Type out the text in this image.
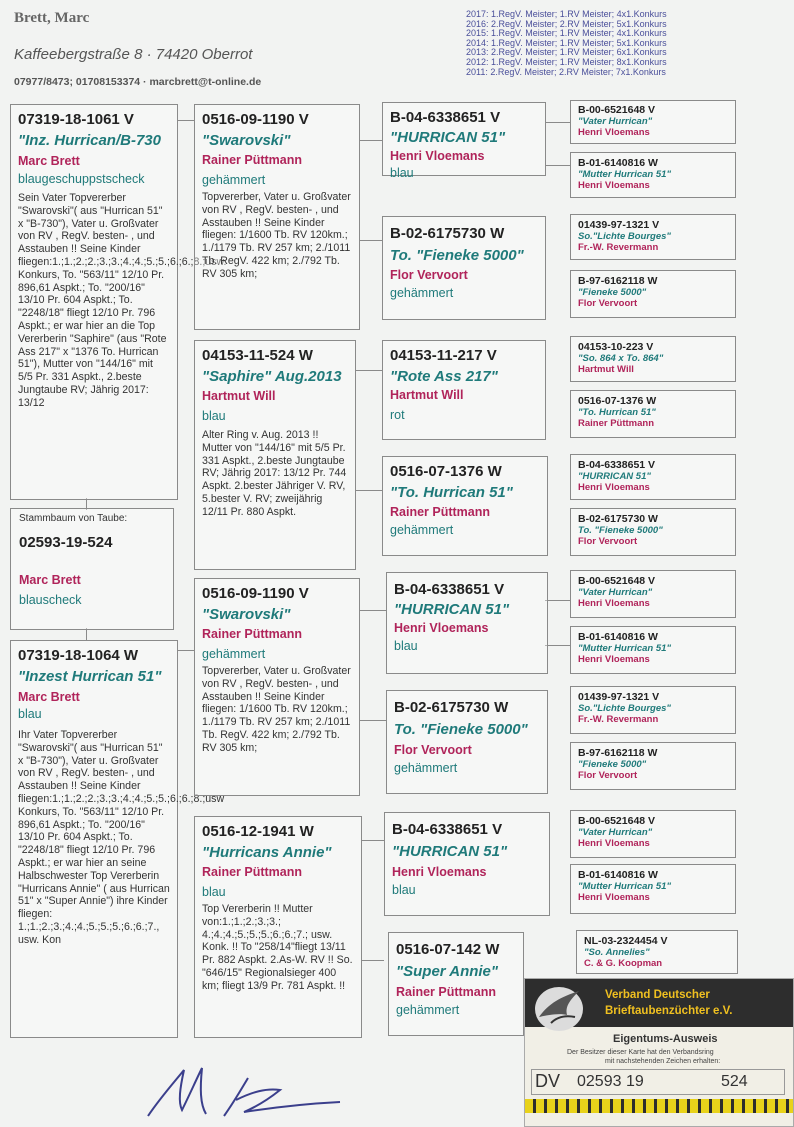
Brett, Marc
Kaffeebergstraße 8 · 74420 Oberrot
07977/8473; 01708153374 · marcbrett@t-online.de
2017: 1.RegV. Meister; 1.RV Meister; 4x1.Konkurs
2016: 2.RegV. Meister; 2.RV Meister; 5x1.Konkurs
2015: 1.RegV. Meister; 1.RV Meister; 4x1.Konkurs
2014: 1.RegV. Meister; 1.RV Meister; 5x1.Konkurs
2013: 2.RegV. Meister; 1.RV Meister; 6x1.Konkurs
2012: 1.RegV. Meister; 1.RV Meister; 8x1.Konkurs
2011: 2.RegV. Meister; 2.RV Meister; 7x1.Konkurs
07319-18-1061 V
"Inz. Hurrican/B-730
Marc Brett
blaugeschuppstscheck
Sein Vater Topvererber "Swarovski"( aus "Hurrican 51" x "B-730"), Vater u. Großvater von RV , RegV. besten- , und Asstauben !! Seine Kinder fliegen:1.;1.;2.;2.;3.;3.;4.;4.;5.;5.;6.;6.;8.;usw. Konkurs, To. "563/11" 12/10 Pr. 896,61 Aspkt.; To. "200/16" 13/10 Pr. 604 Aspkt.; To. "2248/18" fliegt 12/10 Pr. 796 Aspkt.; er war hier an die Top Vererberin "Saphire" (aus "Rote Ass 217" x "1376 To. Hurrican 51"), Mutter von "144/16" mit 5/5 Pr. 331 Aspkt., 2.beste Jungtaube RV; Jährig 2017: 13/12
Stammbaum von Taube:
02593-19-524
Marc Brett
blauscheck
07319-18-1064 W
"Inzest Hurrican 51"
Marc Brett
blau
Ihr Vater Topvererber "Swarovski"( aus "Hurrican 51" x "B-730"), Vater u. Großvater von RV , RegV. besten- , und Asstauben !! Seine Kinder fliegen:1.;1.;2.;2.;3.;3.;4.;4.;5.;5.;6.;6.;8.;usw Konkurs, To. "563/11" 12/10 Pr. 896,61 Aspkt.; To. "200/16" 13/10 Pr. 604 Aspkt.; To. "2248/18" fliegt 12/10 Pr. 796 Aspkt.; er war hier an seine Halbschwester Top Vererberin "Hurricans Annie" ( aus Hurrican 51" x "Super Annie") ihre Kinder fliegen: 1.;1.;2.;3.;4.;4.;5.;5.;5.;6.;6.;7., usw. Kon
0516-09-1190 V
"Swarovski"
Rainer Püttmann
gehämmert
Topvererber, Vater u. Großvater von RV , RegV. besten- , und Asstauben !! Seine Kinder fliegen: 1/1600 Tb. RV 120km.; 1./1179 Tb. RV 257 km; 2./1011 Tb. RegV. 422 km; 2./792 Tb. RV 305 km;
04153-11-524 W
"Saphire" Aug.2013
Hartmut Will
blau
Alter Ring v. Aug. 2013 !! Mutter von "144/16" mit 5/5 Pr. 331 Aspkt., 2.beste Jungtaube RV; Jährig 2017: 13/12 Pr. 744 Aspkt. 2.bester Jähriger V. RV, 5.bester V. RV; zweijährig 12/11 Pr. 880 Aspkt.
0516-09-1190 V
"Swarovski"
Rainer Püttmann
gehämmert
Topvererber, Vater u. Großvater von RV , RegV. besten- , und Asstauben !! Seine Kinder fliegen: 1/1600 Tb. RV 120km.; 1./1179 Tb. RV 257 km; 2./1011 Tb. RegV. 422 km; 2./792 Tb. RV 305 km;
0516-12-1941 W
"Hurricans Annie"
Rainer Püttmann
blau
Top Vererberin !! Mutter von:1.;1.;2.;3.;3.; 4.;4.;4.;5.;5.;5.;6.;6.;7.; usw. Konk. !! To "258/14"fliegt 13/11 Pr. 882 Aspkt. 2.As-W. RV !! So. "646/15" Regionalsieger 400 km; fliegt 13/9 Pr. 781 Aspkt. !!
B-04-6338651 V
"HURRICAN 51"
Henri Vloemans
blau
B-02-6175730 W
To. "Fieneke 5000"
Flor Vervoort
gehämmert
04153-11-217 V
"Rote Ass 217"
Hartmut Will
rot
0516-07-1376 W
"To. Hurrican 51"
Rainer Püttmann
gehämmert
B-04-6338651 V
"HURRICAN 51"
Henri Vloemans
blau
B-02-6175730 W
To. "Fieneke 5000"
Flor Vervoort
gehämmert
B-04-6338651 V
"HURRICAN 51"
Henri Vloemans
blau
0516-07-142 W
"Super Annie"
Rainer Püttmann
gehämmert
B-00-6521648 V
"Vater Hurrican"
Henri Vloemans
B-01-6140816 W
"Mutter Hurrican 51"
Henri Vloemans
01439-97-1321 V
So."Lichte Bourges"
Fr.-W. Revermann
B-97-6162118 W
"Fieneke 5000"
Flor Vervoort
04153-10-223 V
"So. 864 x To. 864"
Hartmut Will
0516-07-1376 W
"To. Hurrican 51"
Rainer Püttmann
B-04-6338651 V
"HURRICAN 51"
Henri Vloemans
B-02-6175730 W
To. "Fieneke 5000"
Flor Vervoort
B-00-6521648 V
"Vater Hurrican"
Henri Vloemans
B-01-6140816 W
"Mutter Hurrican 51"
Henri Vloemans
01439-97-1321 V
So."Lichte Bourges"
Fr.-W. Revermann
B-97-6162118 W
"Fieneke 5000"
Flor Vervoort
B-00-6521648 V
"Vater Hurrican"
Henri Vloemans
B-01-6140816 W
"Mutter Hurrican 51"
Henri Vloemans
NL-03-2324454 V
"So. Annelies"
C. & G. Koopman
Verband Deutscher
Brieftaubenzüchter e.V.
Eigentums-Ausweis
Der Besitzer dieser Karte hat den Verbandsring
mit nachstehenden Zeichen erhalten:
DV 02593 19	524
